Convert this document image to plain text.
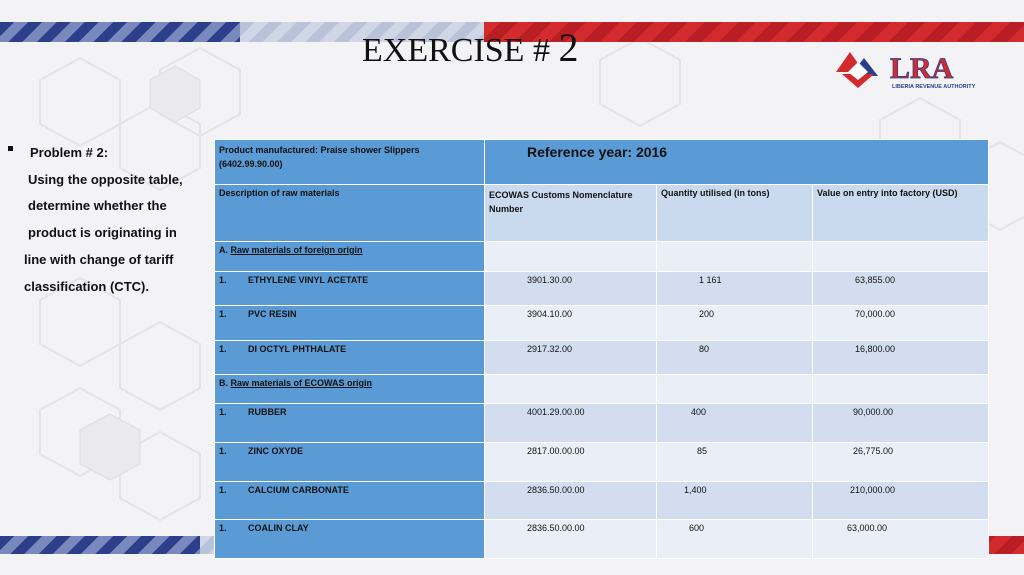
EXERCISE # 2	LRA
LIBERIA REVENUE AUTHORITY
Problem # 2:
Using the opposite table,
determine whether the
product is originating in
line with change of tariff
classification (CTC).
Product manufactured: Praise shower Slippers (6402.99.90.00)	Reference year: 2016		
Description of raw materials	ECOWAS Customs Nomenclature Number	Quantity utilised (in tons)	Value on entry into factory (USD)
A. Raw materials of foreign origin			
1. ETHYLENE VINYL ACETATE	3901.30.00	1 161	63,855.00
1. PVC RESIN	3904.10.00	200	70,000.00
1. DI OCTYL PHTHALATE	2917.32.00	80	16,800.00
B. Raw materials of ECOWAS origin			
1. RUBBER	4001.29.00.00	400	90,000.00
1. ZINC OXYDE	2817.00.00.00	85	26,775.00
1. CALCIUM CARBONATE	2836.50.00.00	1,400	210,000.00
1. COALIN CLAY	2836.50.00.00	600	63,000.00
